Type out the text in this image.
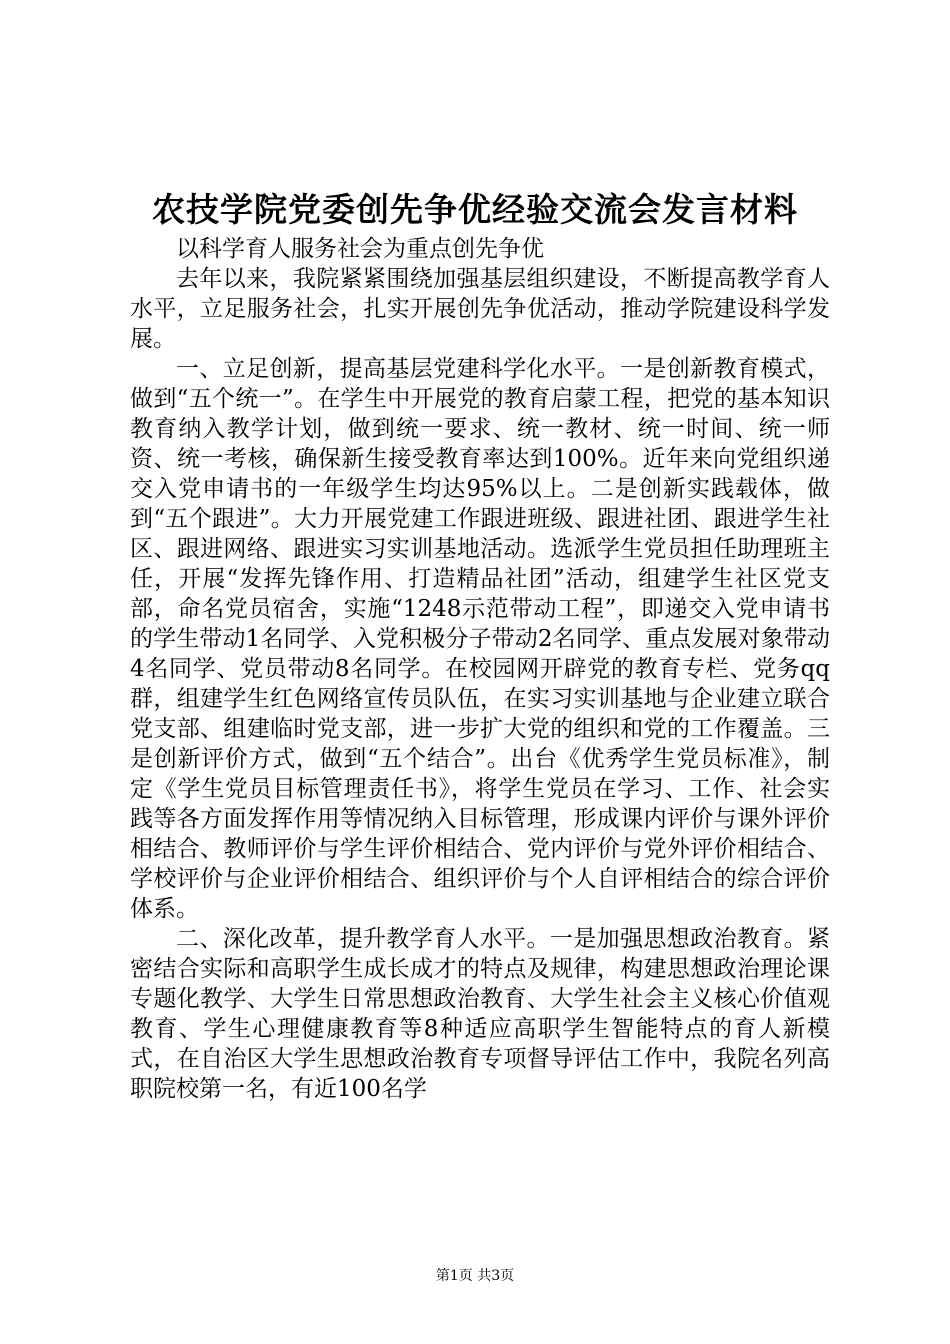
农技学院党委创先争优经验交流会发言材料

以科学育人服务社会为重点创先争优

去年以来，我院紧紧围绕加强基层组织建设，不断提高教学育人水平，立足服务社会，扎实开展创先争优活动，推动学院建设科学发展。

一、立足创新，提高基层党建科学化水平。一是创新教育模式，做到“五个统一”。在学生中开展党的教育启蒙工程，把党的基本知识教育纳入教学计划，做到统一要求、统一教材、统一时间、统一师资、统一考核，确保新生接受教育率达到100%。近年来向党组织递交入党申请书的一年级学生均达95%以上。二是创新实践载体，做到“五个跟进”。大力开展党建工作跟进班级、跟进社团、跟进学生社区、跟进网络、跟进实习实训基地活动。选派学生党员担任助理班主任，开展“发挥先锋作用、打造精品社团”活动，组建学生社区党支部，命名党员宿舍，实施“1248示范带动工程”，即递交入党申请书的学生带动1名同学、入党积极分子带动2名同学、重点发展对象带动4名同学、党员带动8名同学。在校园网开辟党的教育专栏、党务qq群，组建学生红色网络宣传员队伍，在实习实训基地与企业建立联合党支部、组建临时党支部，进一步扩大党的组织和党的工作覆盖。三是创新评价方式，做到“五个结合”。出台《优秀学生党员标准》，制定《学生党员目标管理责任书》，将学生党员在学习、工作、社会实践等各方面发挥作用等情况纳入目标管理，形成课内评价与课外评价相结合、教师评价与学生评价相结合、党内评价与党外评价相结合、学校评价与企业评价相结合、组织评价与个人自评相结合的综合评价体系。

二、深化改革，提升教学育人水平。一是加强思想政治教育。紧密结合实际和高职学生成长成才的特点及规律，构建思想政治理论课专题化教学、大学生日常思想政治教育、大学生社会主义核心价值观教育、学生心理健康教育等8种适应高职学生智能特点的育人新模式，在自治区大学生思想政治教育专项督导评估工作中，我院名列高职院校第一名，有近100名学

第1页 共3页
